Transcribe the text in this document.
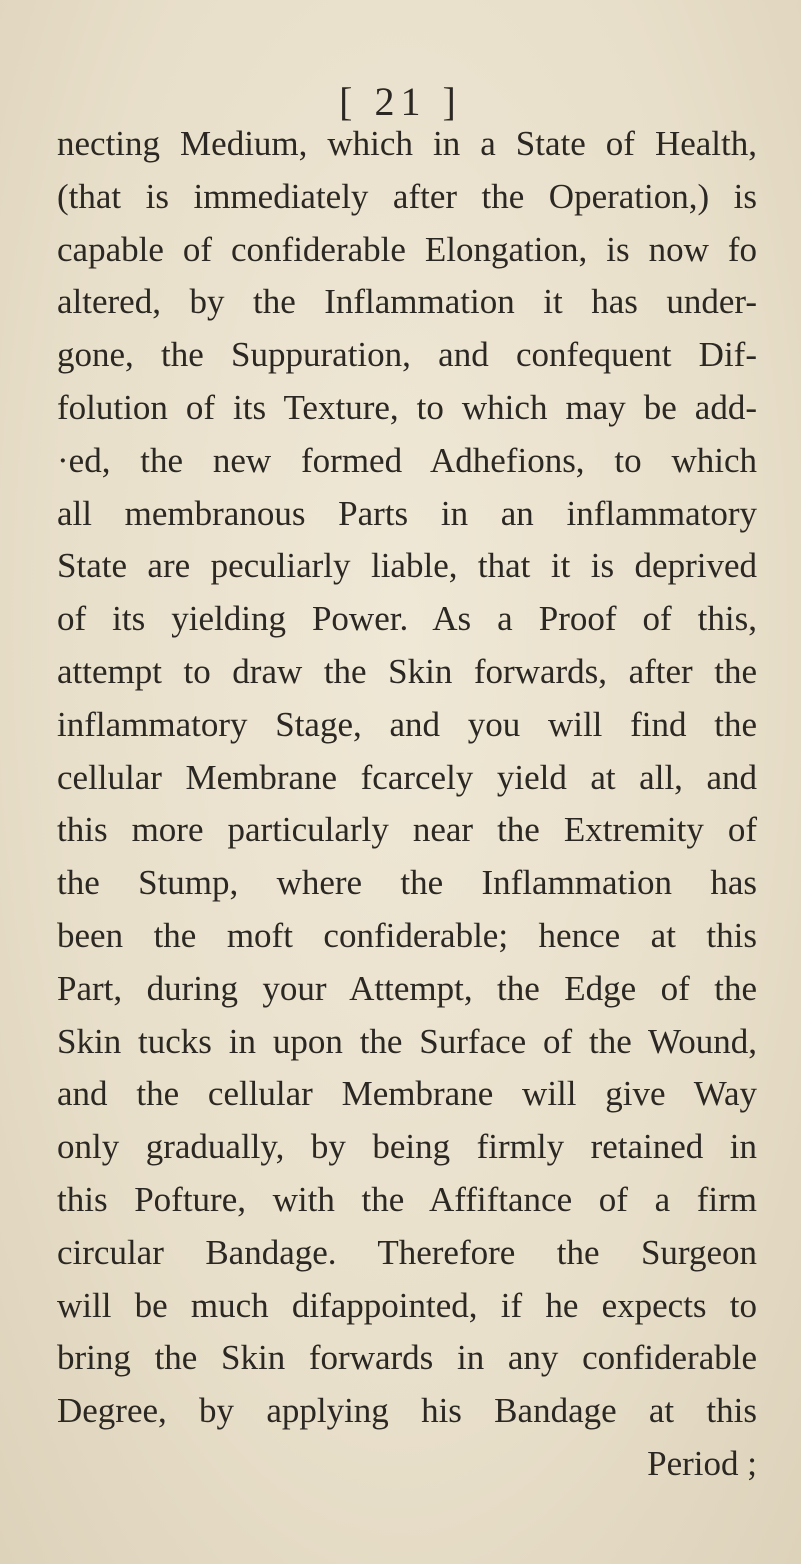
[ 21 ]
necting Medium, which in a State of Health,
(that is immediately after the Operation,) is
capable of confiderable Elongation, is now fo
altered, by the Inflammation it has under-
gone, the Suppuration, and confequent Dif-
folution of its Texture, to which may be add-
·ed, the new formed Adhefions, to which
all membranous Parts in an inflammatory
State are peculiarly liable, that it is deprived
of its yielding Power. As a Proof of this,
attempt to draw the Skin forwards, after the
inflammatory Stage, and you will find the
cellular Membrane fcarcely yield at all, and
this more particularly near the Extremity of
the Stump, where the Inflammation has
been the moft confiderable; hence at this
Part, during your Attempt, the Edge of the
Skin tucks in upon the Surface of the Wound,
and the cellular Membrane will give Way
only gradually, by being firmly retained in
this Pofture, with the Affiftance of a firm
circular Bandage. Therefore the Surgeon
will be much difappointed, if he expects to
bring the Skin forwards in any confiderable
Degree, by applying his Bandage at this
Period ;
